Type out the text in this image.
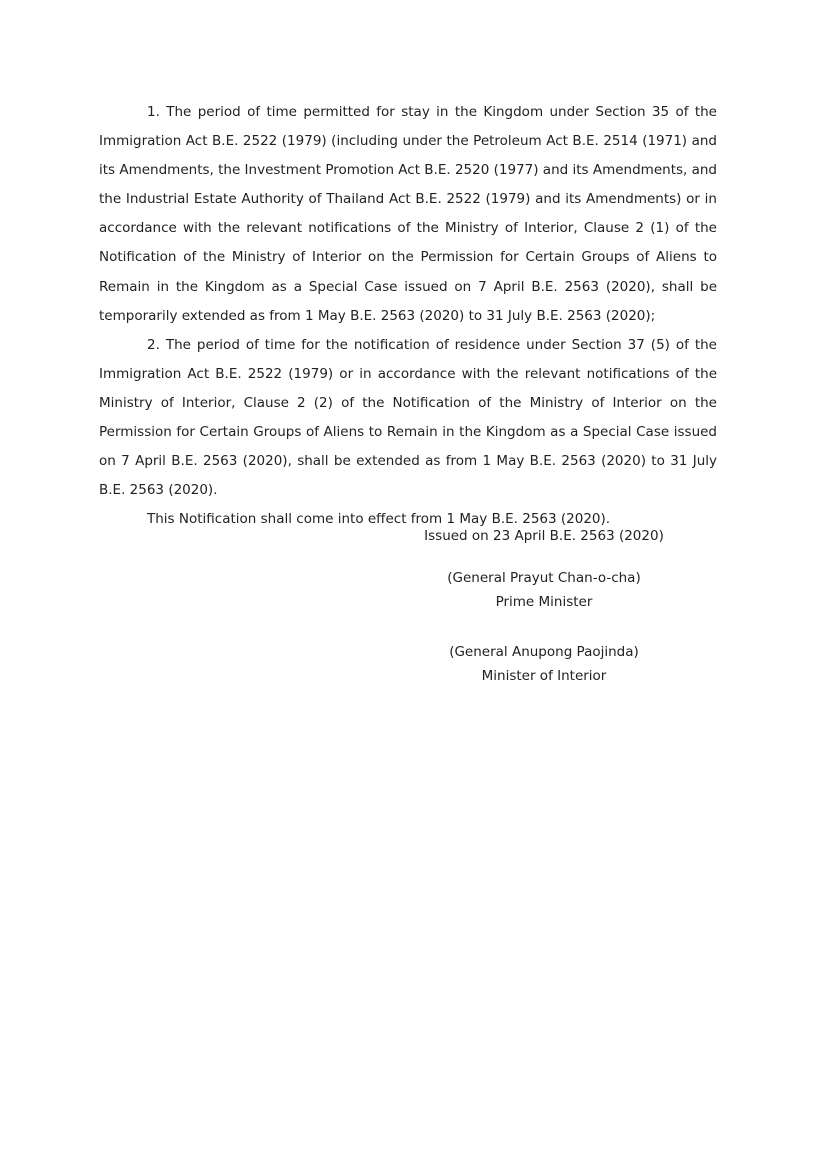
1. The period of time permitted for stay in the Kingdom under Section 35 of the Immigration Act B.E. 2522 (1979) (including under the Petroleum Act B.E. 2514 (1971) and its Amendments, the Investment Promotion Act B.E. 2520 (1977) and its Amendments, and the Industrial Estate Authority of Thailand Act B.E. 2522 (1979) and its Amendments) or in accordance with the relevant notifications of the Ministry of Interior, Clause 2 (1) of the Notification of the Ministry of Interior on the Permission for Certain Groups of Aliens to Remain in the Kingdom as a Special Case issued on 7 April B.E. 2563 (2020), shall be temporarily extended as from 1 May B.E. 2563 (2020) to 31 July B.E. 2563 (2020);

2. The period of time for the notification of residence under Section 37 (5) of the Immigration Act B.E. 2522 (1979) or in accordance with the relevant notifications of the Ministry of Interior, Clause 2 (2) of the Notification of the Ministry of Interior on the Permission for Certain Groups of Aliens to Remain in the Kingdom as a Special Case issued on 7 April B.E. 2563 (2020), shall be extended as from 1 May B.E. 2563 (2020) to 31 July B.E. 2563 (2020).

This Notification shall come into effect from 1 May B.E. 2563 (2020).

Issued on 23 April B.E. 2563 (2020)
(General Prayut Chan-o-cha)
Prime Minister
(General Anupong Paojinda)
Minister of Interior
